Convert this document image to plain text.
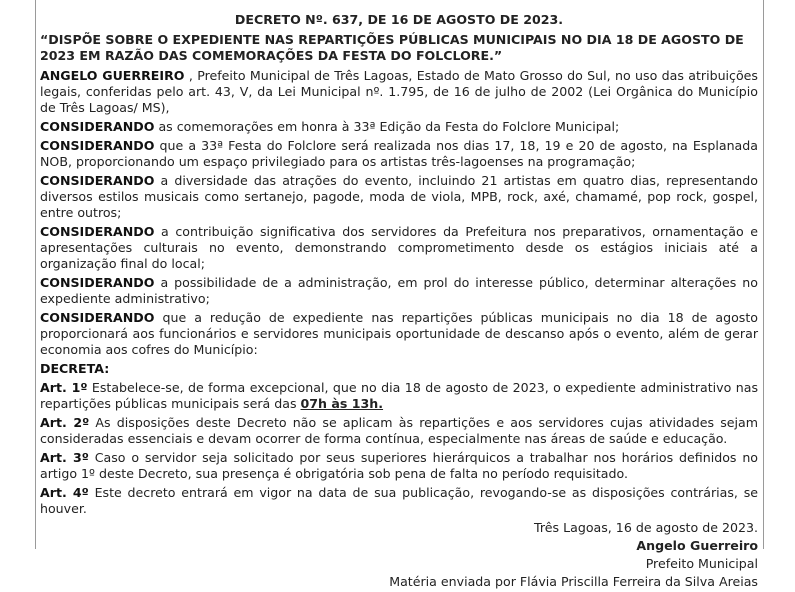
DECRETO Nº. 637, DE 16 DE AGOSTO DE 2023.
“DISPÕE SOBRE O EXPEDIENTE NAS REPARTIÇÕES PÚBLICAS MUNICIPAIS NO DIA 18 DE AGOSTO DE 2023 EM RAZÃO DAS COMEMORAÇÕES DA FESTA DO FOLCLORE.”

ANGELO GUERREIRO , Prefeito Municipal de Três Lagoas, Estado de Mato Grosso do Sul, no uso das atribuições legais, conferidas pelo art. 43, V, da Lei Municipal nº. 1.795, de 16 de julho de 2002 (Lei Orgânica do Município de Três Lagoas/ MS),

CONSIDERANDO as comemorações em honra à 33ª Edição da Festa do Folclore Municipal;

CONSIDERANDO que a 33ª Festa do Folclore será realizada nos dias 17, 18, 19 e 20 de agosto, na Esplanada NOB, proporcionando um espaço privilegiado para os artistas três-lagoenses na programação;

CONSIDERANDO a diversidade das atrações do evento, incluindo 21 artistas em quatro dias, representando diversos estilos musicais como sertanejo, pagode, moda de viola, MPB, rock, axé, chamamé, pop rock, gospel, entre outros;

CONSIDERANDO a contribuição significativa dos servidores da Prefeitura nos preparativos, ornamentação e apresentações culturais no evento, demonstrando comprometimento desde os estágios iniciais até a organização final do local;

CONSIDERANDO a possibilidade de a administração, em prol do interesse público, determinar alterações no expediente administrativo;

CONSIDERANDO que a redução de expediente nas repartições públicas municipais no dia 18 de agosto proporcionará aos funcionários e servidores municipais oportunidade de descanso após o evento, além de gerar economia aos cofres do Município:

DECRETA:

Art. 1º Estabelece-se, de forma excepcional, que no dia 18 de agosto de 2023, o expediente administrativo nas repartições públicas municipais será das 07h às 13h.

Art. 2º As disposições deste Decreto não se aplicam às repartições e aos servidores cujas atividades sejam consideradas essenciais e devam ocorrer de forma contínua, especialmente nas áreas de saúde e educação.

Art. 3º Caso o servidor seja solicitado por seus superiores hierárquicos a trabalhar nos horários definidos no artigo 1º deste Decreto, sua presença é obrigatória sob pena de falta no período requisitado.

Art. 4º Este decreto entrará em vigor na data de sua publicação, revogando-se as disposições contrárias, se houver.

Três Lagoas, 16 de agosto de 2023.
Angelo Guerreiro
Prefeito Municipal
Matéria enviada por Flávia Priscilla Ferreira da Silva Areias
